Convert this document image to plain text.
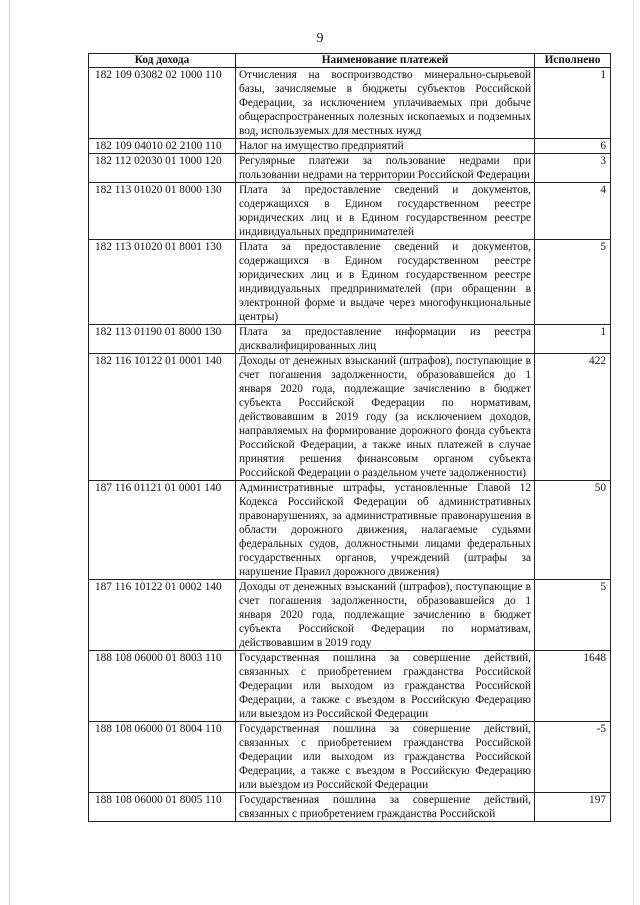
9
Код дохода	Наименование платежей	Исполнено
182 109 03082 02 1000 110	Отчисления на воспроизводство минерально-сырьевой базы, зачисляемые в бюджеты субъектов Российской Федерации, за исключением уплачиваемых при добыче общераспространенных полезных ископаемых и подземных вод, используемых для местных нужд	1
182 109 04010 02 2100 110	Налог на имущество предприятий	6
182 112 02030 01 1000 120	Регулярные платежи за пользование недрами при пользовании недрами на территории Российской Федерации	3
182 113 01020 01 8000 130	Плата за предоставление сведений и документов, содержащихся в Едином государственном реестре юридических лиц и в Едином государственном реестре индивидуальных предпринимателей	4
182 113 01020 01 8001 130	Плата за предоставление сведений и документов, содержащихся в Едином государственном реестре юридических лиц и в Едином государственном реестре индивидуальных предпринимателей (при обращении в электронной форме и выдаче через многофункциональные центры)	5
182 113 01190 01 8000 130	Плата за предоставление информации из реестра дисквалифицированных лиц	1
182 116 10122 01 0001 140	Доходы от денежных взысканий (штрафов), поступающие в счет погашения задолженности, образовавшейся до 1 января 2020 года, подлежащие зачислению в бюджет субъекта Российской Федерации по нормативам, действовавшим в 2019 году (за исключением доходов, направляемых на формирование дорожного фонда субъекта Российской Федерации, а также иных платежей в случае принятия решения финансовым органом субъекта Российской Федерации о раздельном учете задолженности)	422
187 116 01121 01 0001 140	Административные штрафы, установленные Главой 12 Кодекса Российской Федерации об административных правонарушениях, за административные правонарушения в области дорожного движения, налагаемые судьями федеральных судов, должностными лицами федеральных государственных органов, учреждений (штрафы за нарушение Правил дорожного движения)	50
187 116 10122 01 0002 140	Доходы от денежных взысканий (штрафов), поступающие в счет погашения задолженности, образовавшейся до 1 января 2020 года, подлежащие зачислению в бюджет субъекта Российской Федерации по нормативам, действовавшим в 2019 году	5
188 108 06000 01 8003 110	Государственная пошлина за совершение действий, связанных с приобретением гражданства Российской Федерации или выходом из гражданства Российской Федерации, а также с въездом в Российскую Федерацию или выездом из Российской Федерации	1648
188 108 06000 01 8004 110	Государственная пошлина за совершение действий, связанных с приобретением гражданства Российской Федерации или выходом из гражданства Российской Федерации, а также с въездом в Российскую Федерацию или выездом из Российской Федерации	-5
188 108 06000 01 8005 110	Государственная пошлина за совершение действий, связанных с приобретением гражданства Российской	197
